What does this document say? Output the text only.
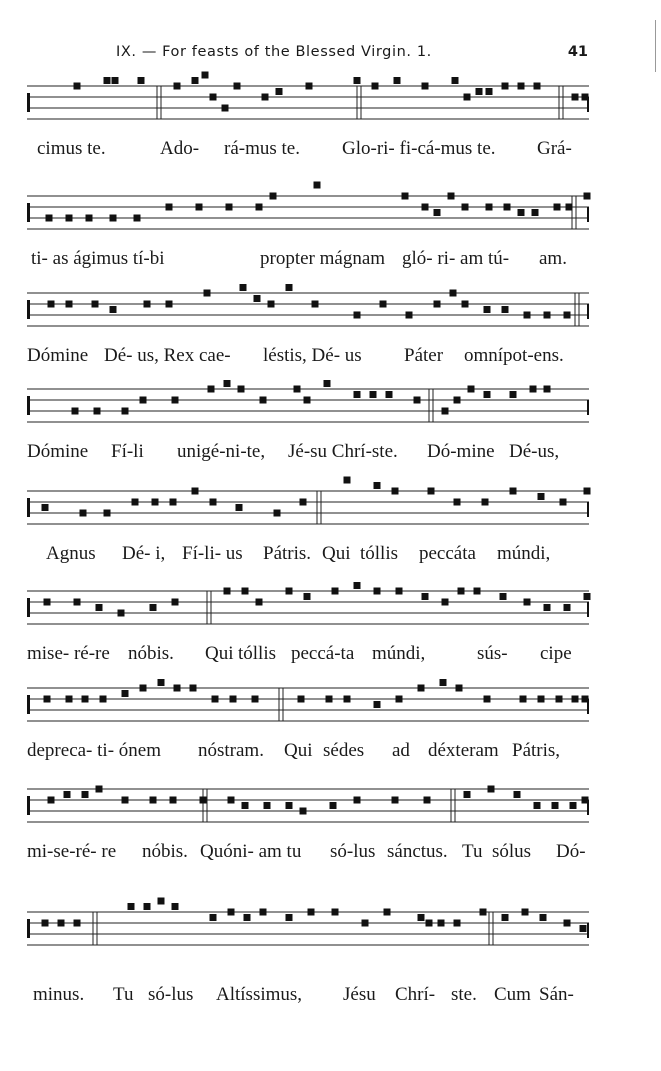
IX. — For feasts of the Blessed Virgin. 1.	41
cimus te.	Ado- rá-mus te. Glo-ri- fi-cá-mus te. Grá-
ti- as ágimus tí-bi	propter mágnam gló- ri- am tú- am.
Dómine Dé- us, Rex cae- léstis, Dé- us Páter omnípot-ens.
Dómine Fí-li unigé-ni-te, Jé-su Chrí-ste. Dó-mine Dé-us,
Agnus Dé- i, Fí-li- us Pátris. Qui tóllis peccáta múndi,
mise- ré-re nóbis. Qui tóllis peccá-ta múndi,	sús- cipe
depreca- ti- ónem nóstram. Qui sédes ad déxteram Pátris,
mi-se-ré- re nóbis. Quóni- am tu só-lus sánctus. Tu sólus Dó-
minus. Tu só-lus Altíssimus, Jésu Chrí- ste. Cum Sán-
